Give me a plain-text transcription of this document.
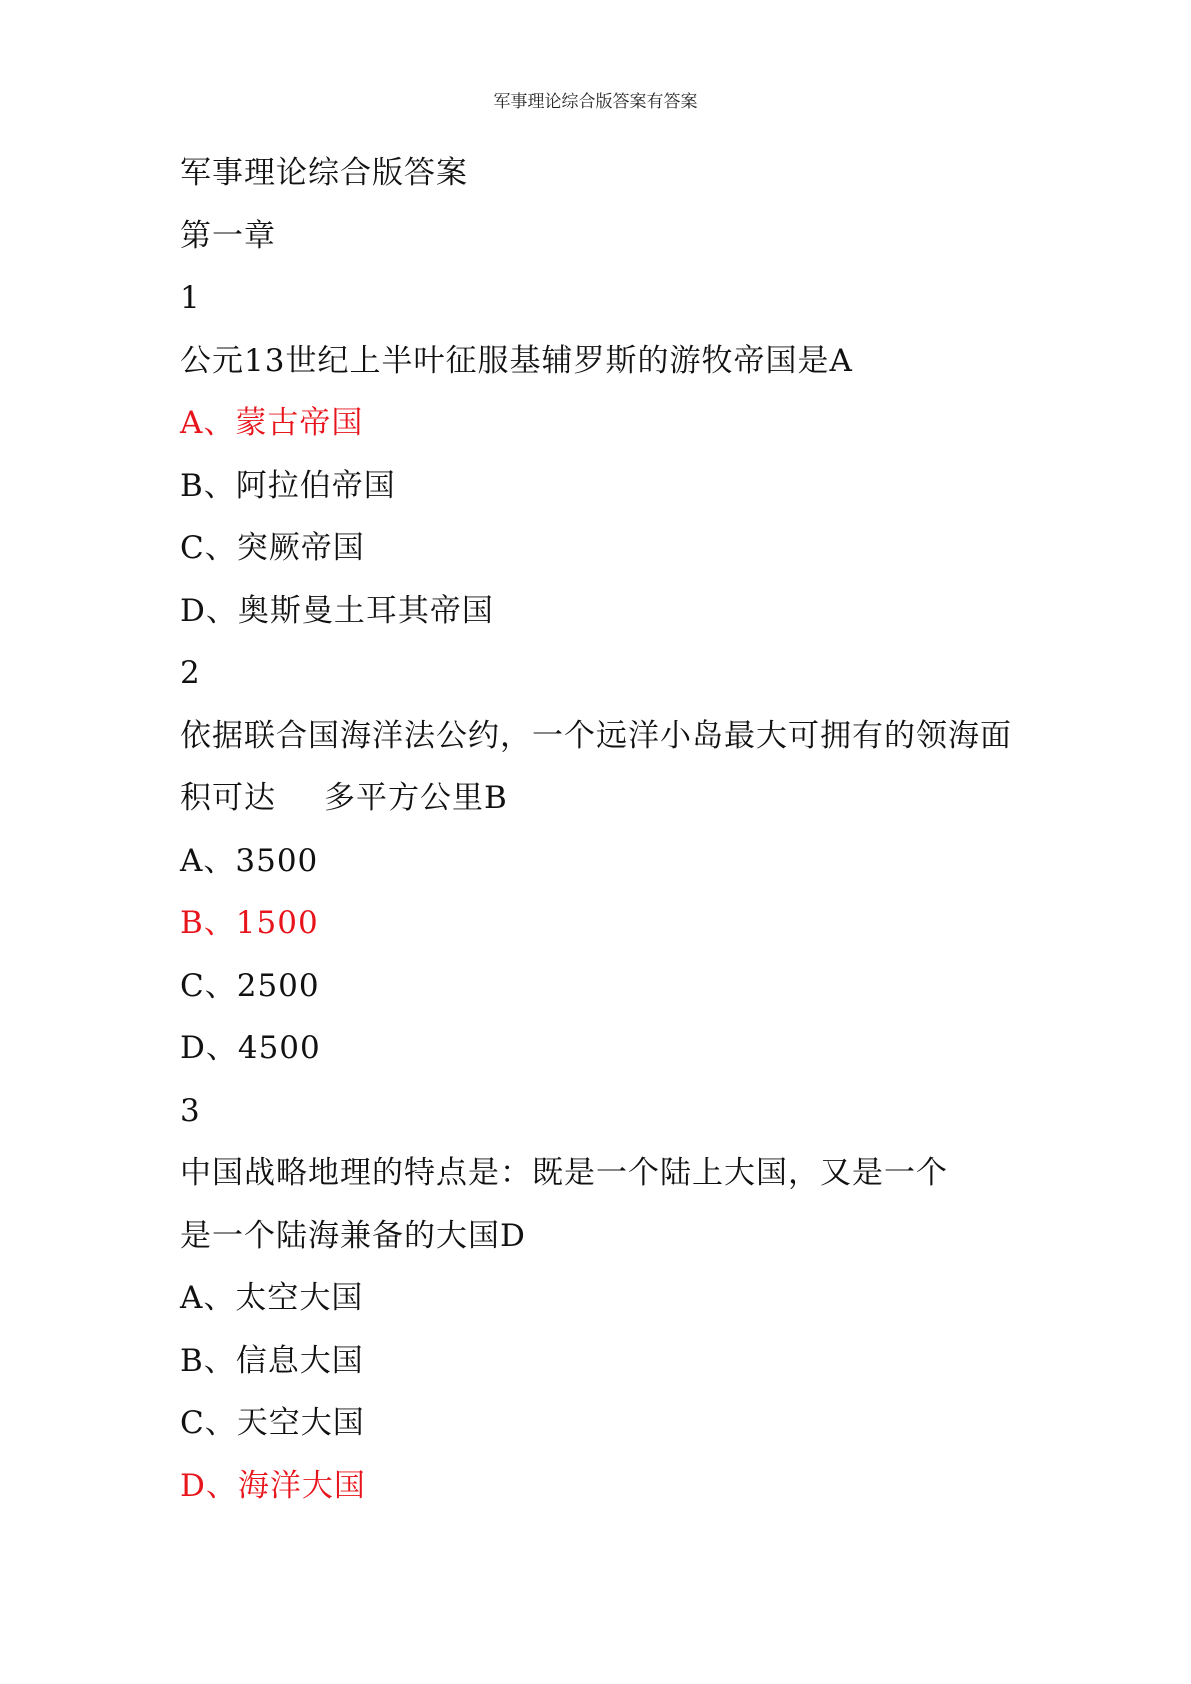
军事理论综合版答案有答案
军事理论综合版答案
第一章
1
公元13世纪上半叶征服基辅罗斯的游牧帝国是A
A、蒙古帝国
B、阿拉伯帝国
C、突厥帝国
D、奥斯曼土耳其帝国
2
依据联合国海洋法公约，一个远洋小岛最大可拥有的领海面
积可达 多平方公里B
A、3500
B、1500
C、2500
D、4500
3
中国战略地理的特点是：既是一个陆上大国，又是一个
是一个陆海兼备的大国D
A、太空大国
B、信息大国
C、天空大国
D、海洋大国
